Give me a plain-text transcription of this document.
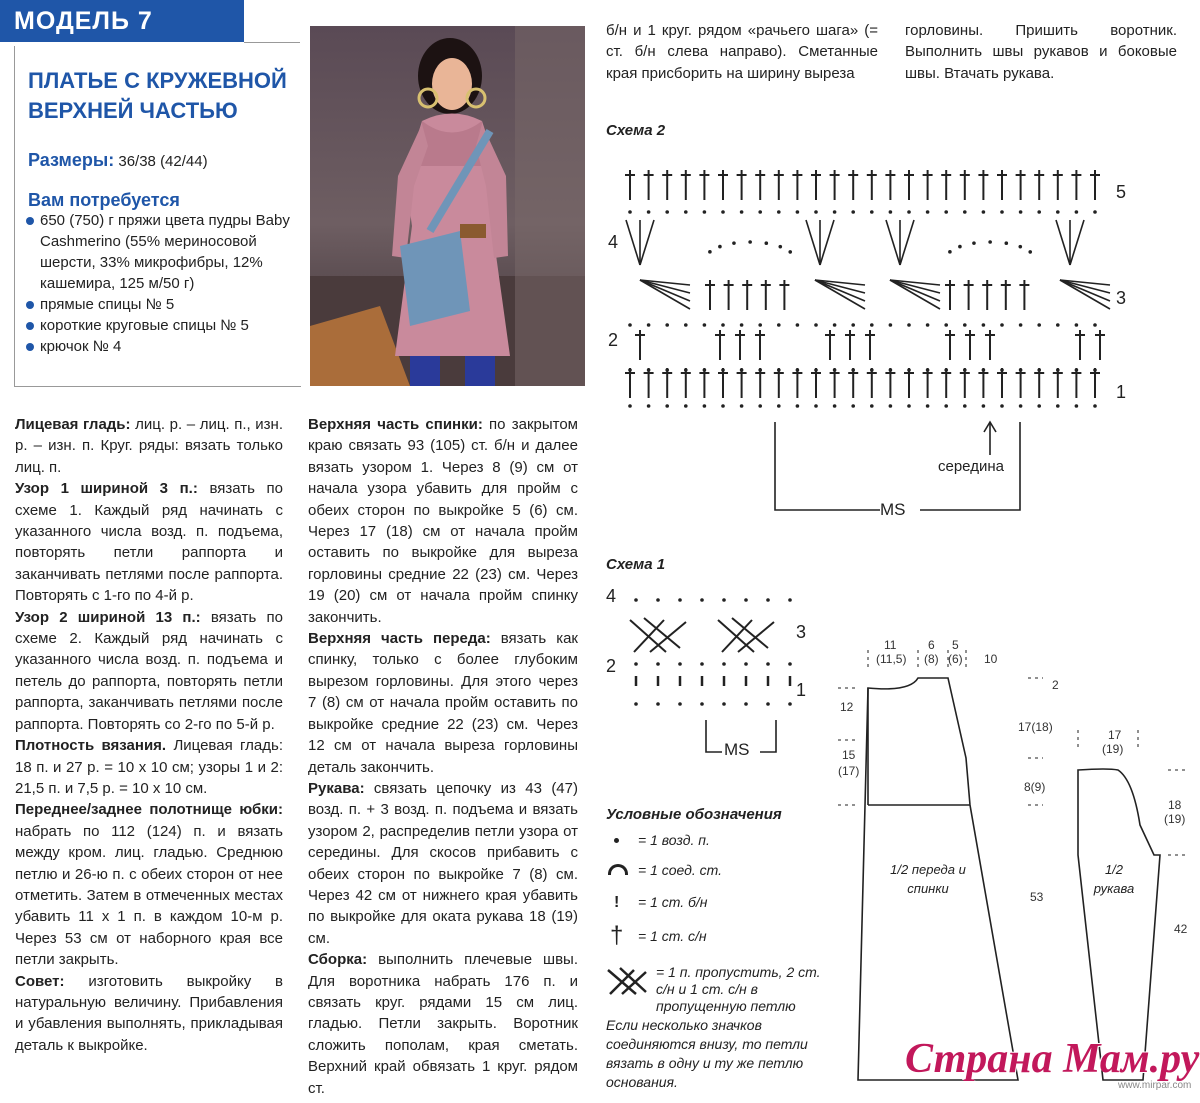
МОДЕЛЬ 7
ПЛАТЬЕ С КРУЖЕВНОЙ
ВЕРХНЕЙ ЧАСТЬЮ
Размеры: 36/38 (42/44)
Вам потребуется
650 (750) г пряжи цвета пудры Baby Cashmerino (55% мериносовой шерсти, 33% микрофибры, 12% кашемира, 125 м/50 г)
прямые спицы № 5
короткие круговые спицы № 5
крючок № 4

Лицевая гладь: лиц. р. – лиц. п., изн. р. – изн. п. Круг. ряды: вязать только лиц. п.

Узор 1 шириной 3 п.: вязать по схеме 1. Каждый ряд начинать с указанного числа возд. п. подъема, повторять петли раппорта и заканчивать петлями после раппорта. Повторять с 1-го по 4-й р.

Узор 2 шириной 13 п.: вязать по схеме 2. Каждый ряд начинать с указанного числа возд. п. подъема и петель до раппорта, повторять петли раппорта, заканчивать петлями после раппорта. Повторять со 2-го по 5-й р.

Плотность вязания. Лицевая гладь: 18 п. и 27 р. = 10 х 10 см; узоры 1 и 2: 21,5 п. и 7,5 р. = 10 х 10 см.

Переднее/заднее полотнище юбки: набрать по 112 (124) п. и вязать между кром. лиц. гладью. Среднюю петлю и 26-ю п. с обеих сторон от нее отметить. Затем в отмеченных местах убавить 11 х 1 п. в каждом 10-м р. Через 53 см от наборного края все петли закрыть.

Совет: изготовить выкройку в натуральную величину. Прибавления и убавления выполнять, прикладывая деталь к выкройке.

Верхняя часть спинки: по закрытом краю связать 93 (105) ст. б/н и далее вязать узором 1. Через 8 (9) см от начала узора убавить для пройм с обеих сторон по выкройке 5 (6) см. Через 17 (18) см от начала пройм оставить по выкройке для выреза горловины средние 22 (23) см. Через 19 (20) см от начала пройм спинку закончить.

Верхняя часть переда: вязать как спинку, только с более глубоким вырезом горловины. Для этого через 7 (8) см от начала пройм оставить по выкройке средние 22 (23) см. Через 12 см от начала выреза горловины деталь закончить.

Рукава: связать цепочку из 43 (47) возд. п. + 3 возд. п. подъема и вязать узором 2, распределив петли узора от середины. Для скосов прибавить с обеих сторон по выкройке 7 (8) см. Через 42 см от нижнего края убавить по выкройке для оката рукава 18 (19) см.

Сборка: выполнить плечевые швы. Для воротника набрать 176 п. и связать круг. рядами 15 см лиц. гладью. Петли закрыть. Воротник сложить пополам, края сметать. Верхний край обвязать 1 круг. рядом ст.

б/н и 1 круг. рядом «рачьего шага» (= ст. б/н слева направо). Сметанные края присборить на ширину выреза
горловины. Пришить воротник. Выполнить швы рукавов и боковые швы. Втачать рукава.
Схема 2
5
4
3
2
1
середина
MS
Схема 1
4
3
2
1
MS
Условные обозначения
= 1 возд. п.
= 1 соед. ст.
! = 1 ст. б/н
† = 1 ст. с/н
= 1 п. пропустить, 2 ст. с/н и 1 ст. с/н в пропущенную петлю
Если несколько значков соединяются внизу, то петли вязать в одну и ту же петлю основания.
11
(11,5)
6
(8)
5
(6) 10
2
12
15
(17)
17(18)
8(9)
53
17
(19)
18
(19)
42
1/2 переда и спинки
1/2 рукава
Страна Мам.ру
www.mirpar.com
